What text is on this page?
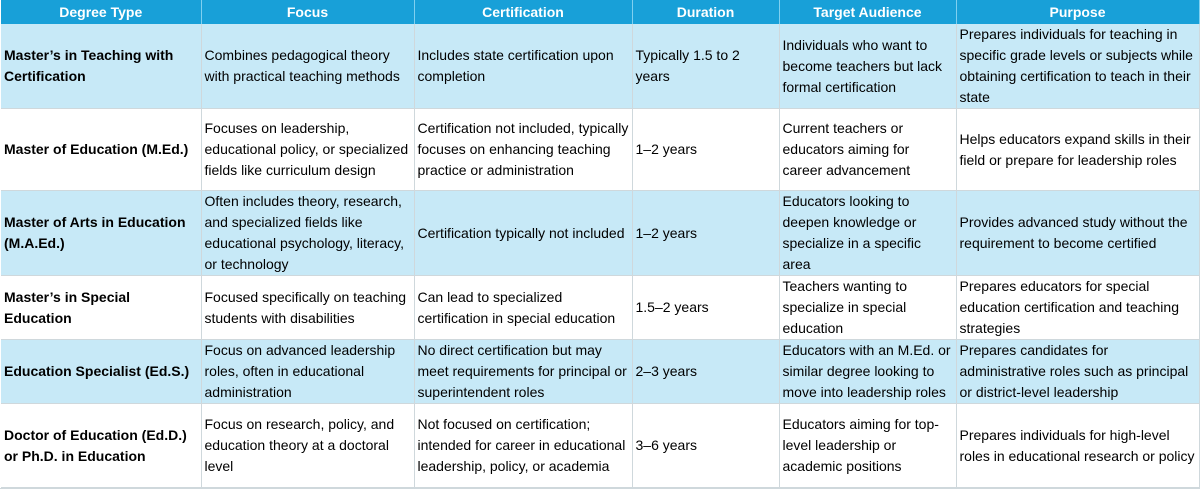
Degree Type	Focus	Certification	Duration	Target Audience	Purpose
Master’s in Teaching with Certification	Combines pedagogical theory with practical teaching methods	Includes state certification upon completion	Typically 1.5 to 2 years	Individuals who want to become teachers but lack formal certification	Prepares individuals for teaching in specific grade levels or subjects while obtaining certification to teach in their state
Master of Education (M.Ed.)	Focuses on leadership, educational policy, or specialized fields like curriculum design	Certification not included, typically focuses on enhancing teaching practice or administration	1–2 years	Current teachers or educators aiming for career advancement	Helps educators expand skills in their field or prepare for leadership roles
Master of Arts in Education (M.A.Ed.)	Often includes theory, research, and specialized fields like educational psychology, literacy, or technology	Certification typically not included	1–2 years	Educators looking to deepen knowledge or specialize in a specific area	Provides advanced study without the requirement to become certified
Master’s in Special Education	Focused specifically on teaching students with disabilities	Can lead to specialized certification in special education	1.5–2 years	Teachers wanting to specialize in special education	Prepares educators for special education certification and teaching strategies
Education Specialist (Ed.S.)	Focus on advanced leadership roles, often in educational administration	No direct certification but may meet requirements for principal or superintendent roles	2–3 years	Educators with an M.Ed. or similar degree looking to move into leadership roles	Prepares candidates for administrative roles such as principal or district-level leadership
Doctor of Education (Ed.D.) or Ph.D. in Education	Focus on research, policy, and education theory at a doctoral level	Not focused on certification; intended for career in educational leadership, policy, or academia	3–6 years	Educators aiming for top-level leadership or academic positions	Prepares individuals for high-level roles in educational research or policy
